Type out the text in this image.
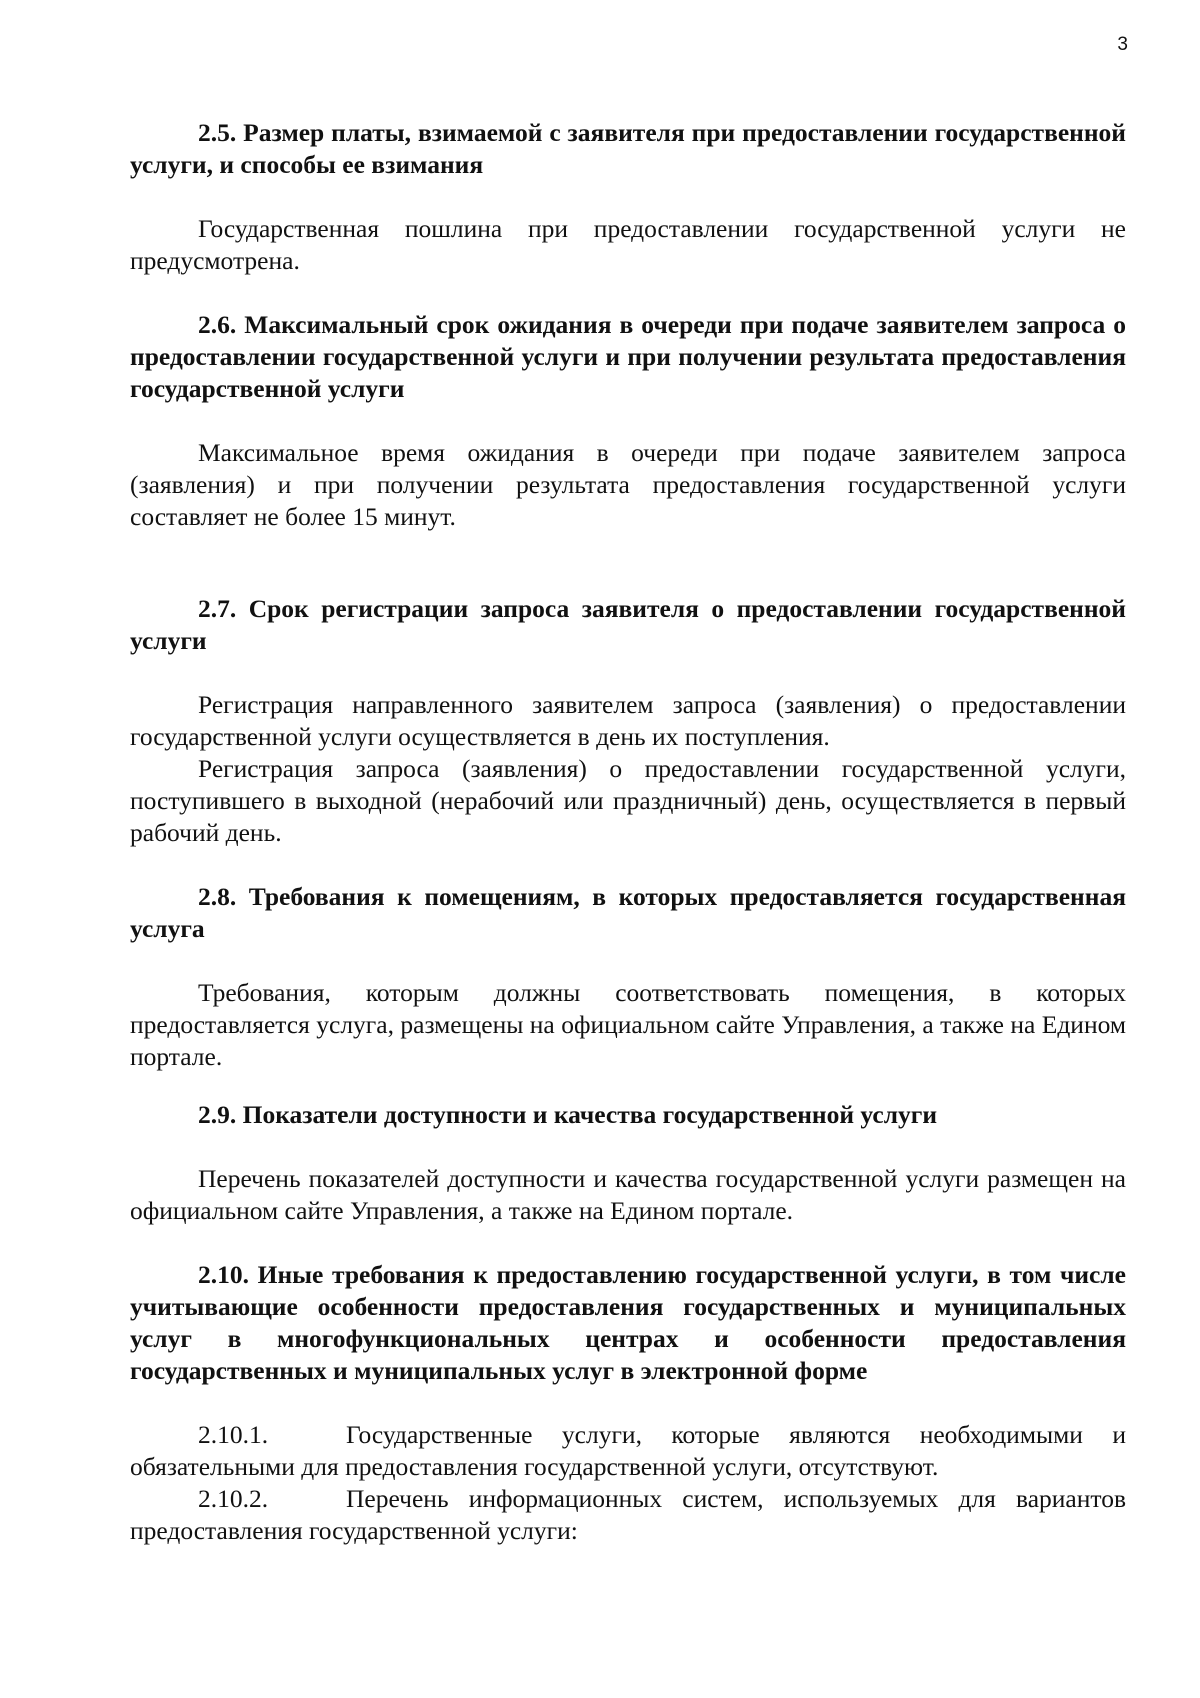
3

2.5. Размер платы, взимаемой с заявителя при предоставлении государственной услуги, и способы ее взимания

Государственная пошлина при предоставлении государственной услуги не предусмотрена.

2.6. Максимальный срок ожидания в очереди при подаче заявителем запроса о предоставлении государственной услуги и при получении результата предоставления государственной услуги

Максимальное время ожидания в очереди при подаче заявителем запроса (заявления) и при получении результата предоставления государственной услуги составляет не более 15 минут.

2.7. Срок регистрации запроса заявителя о предоставлении государственной услуги

Регистрация направленного заявителем запроса (заявления) о предоставлении государственной услуги осуществляется в день их поступления.

Регистрация запроса (заявления) о предоставлении государственной услуги, поступившего в выходной (нерабочий или праздничный) день, осуществляется в первый рабочий день.

2.8. Требования к помещениям, в которых предоставляется государственная услуга

Требования, которым должны соответствовать помещения, в которых предоставляется услуга, размещены на официальном сайте Управления, а также на Едином портале.

2.9. Показатели доступности и качества государственной услуги

Перечень показателей доступности и качества государственной услуги размещен на официальном сайте Управления, а также на Едином портале.

2.10. Иные требования к предоставлению государственной услуги, в том числе учитывающие особенности предоставления государственных и муниципальных услуг в многофункциональных центрах и особенности предоставления государственных и муниципальных услуг в электронной форме

2.10.1.	Государственные услуги, которые являются необходимыми и обязательными для предоставления государственной услуги, отсутствуют.

2.10.2.	Перечень информационных систем, используемых для вариантов предоставления государственной услуги:
